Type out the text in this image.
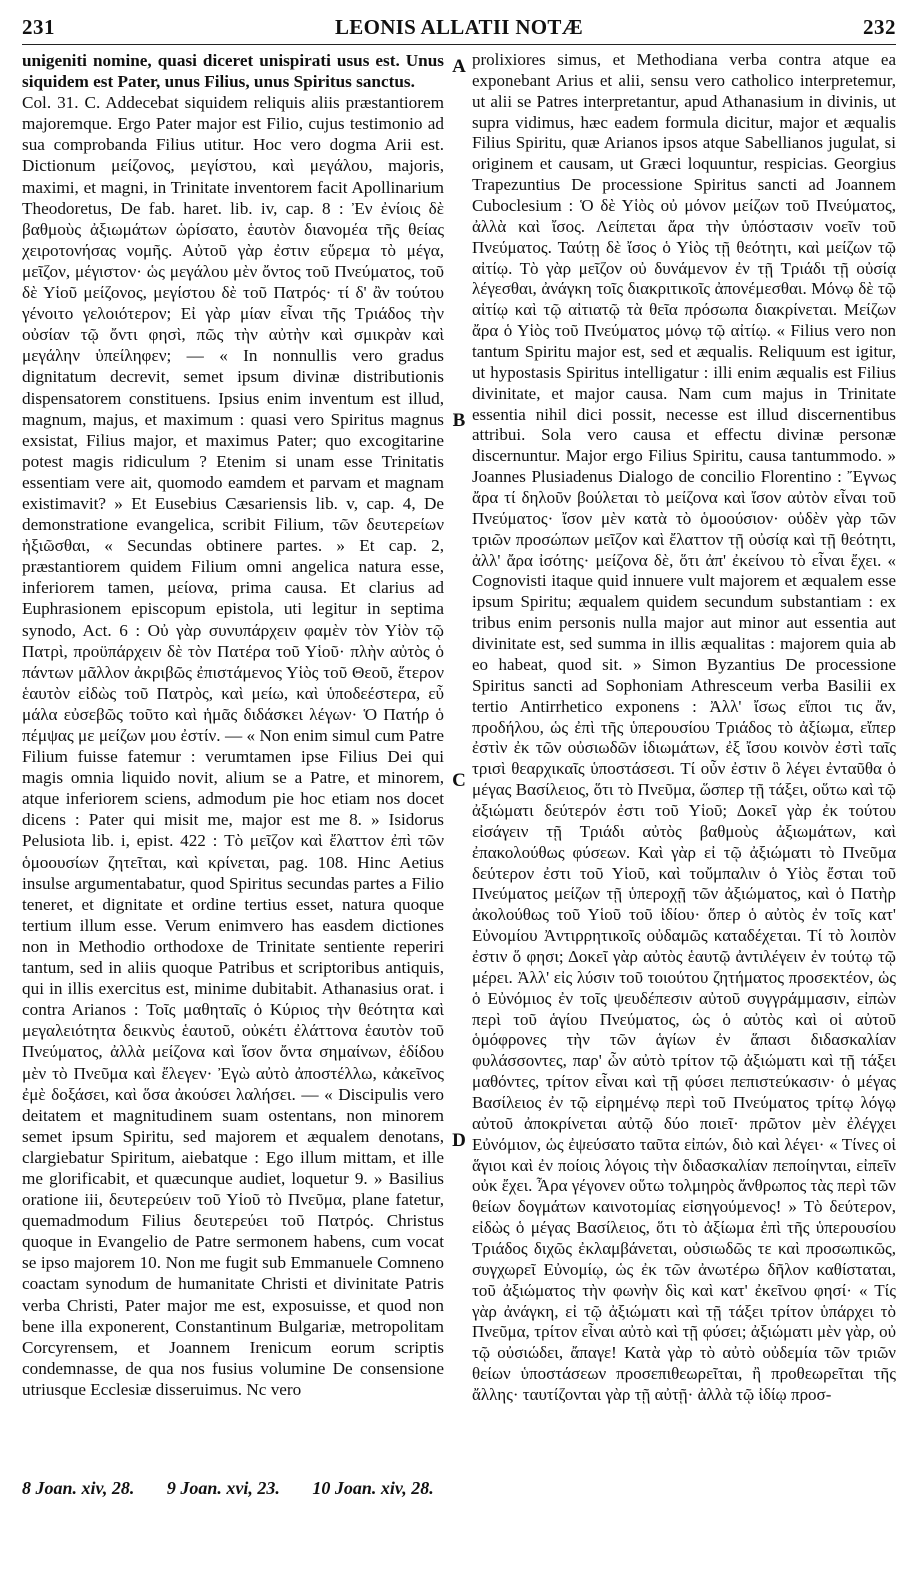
231	LEONIS ALLATII NOTÆ	232

unigeniti nomine, quasi diceret unispirati usus est. Unus siquidem est Pater, unus Filius, unus Spiritus sanctus.

Col. 31. C. Addecebat siquidem reliquis aliis præstantiorem majoremque. Ergo Pater major est Filio, cujus testimonio ad sua comprobanda Filius utitur. Hoc vero dogma Arii est. Dictionum μείζονος, μεγίστου, καὶ μεγάλου, majoris, maximi, et magni, in Trinitate inventorem facit Apollinarium Theodoretus, De fab. haret. lib. iv, cap. 8 : Ἐν ἐνίοις δὲ βαθμοὺς ἀξιωμάτων ὡρίσατο, ἑαυτὸν διανομέα τῆς θείας χειροτονήσας νομῆς. Αὐτοῦ γὰρ ἐστιν εὕρεμα τὸ μέγα, μεῖζον, μέγιστον· ὡς μεγάλου μὲν ὄντος τοῦ Πνεύματος, τοῦ δὲ Υἱοῦ μείζονος, μεγίστου δὲ τοῦ Πατρός· τί δ' ἂν τούτου γένοιτο γελοιότερον; Εἰ γὰρ μίαν εἶναι τῆς Τριάδος τὴν οὐσίαν τῷ ὄντι φησὶ, πῶς τὴν αὐτὴν καὶ σμικρὰν καὶ μεγάλην ὑπείληφεν; — « In nonnullis vero gradus dignitatum decrevit, semet ipsum divinæ distributionis dispensatorem constituens. Ipsius enim inventum est illud, magnum, majus, et maximum : quasi vero Spiritus magnus exsistat, Filius major, et maximus Pater; quo excogitarine potest magis ridiculum ? Etenim si unam esse Trinitatis essentiam vere ait, quomodo eamdem et parvam et magnam existimavit? » Et Eusebius Cæsariensis lib. v, cap. 4, De demonstratione evangelica, scribit Filium, τῶν δευτερείων ἠξιῶσθαι, « Secundas obtinere partes. » Et cap. 2, præstantiorem quidem Filium omni angelica natura esse, inferiorem tamen, μείονα, prima causa. Et clarius ad Euphrasionem episcopum epistola, uti legitur in septima synodo, Act. 6 : Οὐ γὰρ συνυπάρχειν φαμὲν τὸν Υἱὸν τῷ Πατρὶ, προϋπάρχειν δὲ τὸν Πατέρα τοῦ Υἱοῦ· πλὴν αὐτὸς ὁ πάντων μᾶλλον ἀκριβῶς ἐπιστάμενος Υἱὸς τοῦ Θεοῦ, ἕτερον ἑαυτὸν εἰδὼς τοῦ Πατρὸς, καὶ μείω, καὶ ὑποδεέστερα, εὖ μάλα εὐσεβῶς τοῦτο καὶ ἡμᾶς διδάσκει λέγων· Ὁ Πατήρ ὁ πέμψας με μείζων μου ἐστίν. — « Non enim simul cum Patre Filium fuisse fatemur : verumtamen ipse Filius Dei qui magis omnia liquido novit, alium se a Patre, et minorem, atque inferiorem sciens, admodum pie hoc etiam nos docet dicens : Pater qui misit me, major est me 8. » Isidorus Pelusiota lib. i, epist. 422 : Τὸ μεῖζον καὶ ἔλαττον ἐπὶ τῶν ὁμοουσίων ζητεῖται, καὶ κρίνεται, pag. 108. Hinc Aetius insulse argumentabatur, quod Spiritus secundas partes a Filio teneret, et dignitate et ordine tertius esset, natura quoque tertium illum esse. Verum enimvero has easdem dictiones non in Methodio orthodoxe de Trinitate sentiente reperiri tantum, sed in aliis quoque Patribus et scriptoribus antiquis, qui in illis exercitus est, minime dubitabit. Athanasius orat. i contra Arianos : Τοῖς μαθηταῖς ὁ Κύριος τὴν θεότητα καὶ μεγαλειότητα δεικνὺς ἑαυτοῦ, οὐκέτι ἐλάττονα ἑαυτὸν τοῦ Πνεύματος, ἀλλὰ μείζονα καὶ ἴσον ὄντα σημαίνων, ἐδίδου μὲν τὸ Πνεῦμα καὶ ἔλεγεν· Ἐγὼ αὐτὸ ἀποστέλλω, κἀκεῖνος ἐμὲ δοξάσει, καὶ ὅσα ἀκούσει λαλήσει. — « Discipulis vero deitatem et magnitudinem suam ostentans, non minorem semet ipsum Spiritu, sed majorem et æqualem denotans, clargiebatur Spiritum, aiebatque : Ego illum mittam, et ille me glorificabit, et quæcunque audiet, loquetur 9. » Basilius oratione iii, δευτερεύειν τοῦ Υἱοῦ τὸ Πνεῦμα, plane fatetur, quemadmodum Filius δευτερεύει τοῦ Πατρός. Christus quoque in Evangelio de Patre sermonem habens, cum vocat se ipso majorem 10. Non me fugit sub Emmanuele Comneno coactam synodum de humanitate Christi et divinitate Patris verba Christi, Pater major me est, exposuisse, et quod non bene illa exponerent, Constantinum Bulgariæ, metropolitam Corcyrensem, et Joannem Irenicum eorum scriptis condemnasse, de qua nos fusius volumine De consensione utriusque Ecclesiæ disseruimus. Nc vero

A
B
C
D

prolixiores simus, et Methodiana verba contra atque ea exponebant Arius et alii, sensu vero catholico interpretemur, ut alii se Patres interpretantur, apud Athanasium in divinis, ut supra vidimus, hæc eadem formula dicitur, major et æqualis Filius Spiritu, quæ Arianos ipsos atque Sabellianos jugulat, si originem et causam, ut Græci loquuntur, respicias. Georgius Trapezuntius De processione Spiritus sancti ad Joannem Cuboclesium : Ὁ δὲ Υἱὸς οὐ μόνον μείζων τοῦ Πνεύματος, ἀλλὰ καὶ ἴσος. Λείπεται ἄρα τὴν ὑπόστασιν νοεῖν τοῦ Πνεύματος. Ταύτῃ δὲ ἴσος ὁ Υἱὸς τῇ θεότητι, καὶ μείζων τῷ αἰτίῳ. Τὸ γὰρ μεῖζον οὐ δυνάμενον ἐν τῇ Τριάδι τῇ οὐσίᾳ λέγεσθαι, ἀνάγκη τοῖς διακριτικοῖς ἀπονέμεσθαι. Μόνῳ δὲ τῷ αἰτίῳ καὶ τῷ αἰτιατῷ τὰ θεῖα πρόσωπα διακρίνεται. Μείζων ἄρα ὁ Υἱὸς τοῦ Πνεύματος μόνῳ τῷ αἰτίῳ. « Filius vero non tantum Spiritu major est, sed et æqualis. Reliquum est igitur, ut hypostasis Spiritus intelligatur : illi enim æqualis est Filius divinitate, et major causa. Nam cum majus in Trinitate essentia nihil dici possit, necesse est illud discernentibus attribui. Sola vero causa et effectu divinæ personæ discernuntur. Major ergo Filius Spiritu, causa tantummodo. » Joannes Plusiadenus Dialogo de concilio Florentino : Ἔγνως ἄρα τί δηλοῦν βούλεται τὸ μείζονα καὶ ἴσον αὐτὸν εἶναι τοῦ Πνεύματος· ἴσον μὲν κατὰ τὸ ὁμοούσιον· οὐδὲν γὰρ τῶν τριῶν προσώπων μεῖζον καὶ ἔλαττον τῇ οὐσίᾳ καὶ τῇ θεότητι, ἀλλ' ἄρα ἰσότης· μείζονα δὲ, ὅτι ἀπ' ἐκείνου τὸ εἶναι ἔχει. « Cognovisti itaque quid innuere vult majorem et æqualem esse ipsum Spiritu; æqualem quidem secundum substantiam : ex tribus enim personis nulla major aut minor aut essentia aut divinitate est, sed summa in illis æqualitas : majorem quia ab eo habeat, quod sit. » Simon Byzantius De processione Spiritus sancti ad Sophoniam Athresceum verba Basilii ex tertio Antirrhetico exponens : Ἀλλ' ἴσως εἴποι τις ἄν, προδήλου, ὡς ἐπὶ τῆς ὑπερουσίου Τριάδος τὸ ἀξίωμα, εἴπερ ἐστὶν ἐκ τῶν οὐσιωδῶν ἰδιωμάτων, ἐξ ἴσου κοινὸν ἐστὶ ταῖς τρισὶ θεαρχικαῖς ὑποστάσεσι. Τί οὖν ἐστιν ὃ λέγει ἐνταῦθα ὁ μέγας Βασίλειος, ὅτι τὸ Πνεῦμα, ὥσπερ τῇ τάξει, οὕτω καὶ τῷ ἀξιώματι δεύτερόν ἐστι τοῦ Υἱοῦ; Δοκεῖ γὰρ ἐκ τούτου εἰσάγειν τῇ Τριάδι αὐτὸς βαθμοὺς ἀξιωμάτων, καὶ ἐπακολούθως φύσεων. Καὶ γὰρ εἰ τῷ ἀξιώματι τὸ Πνεῦμα δεύτερον ἐστι τοῦ Υἱοῦ, καὶ τοὔμπαλιν ὁ Υἱὸς ἔσται τοῦ Πνεύματος μείζων τῇ ὑπεροχῇ τῶν ἀξιώματος, καὶ ὁ Πατὴρ ἀκολούθως τοῦ Υἱοῦ τοῦ ἰδίου· ὅπερ ὁ αὐτὸς ἐν τοῖς κατ' Εὐνομίου Ἀντιρρητικοῖς οὐδαμῶς καταδέχεται. Τί τὸ λοιπὸν ἐστιν ὅ φησι; Δοκεῖ γὰρ αὐτὸς ἑαυτῷ ἀντιλέγειν ἐν τούτῳ τῷ μέρει. Ἀλλ' εἰς λύσιν τοῦ τοιούτου ζητήματος προσεκτέον, ὡς ὁ Εὐνόμιος ἐν τοῖς ψευδέπεσιν αὐτοῦ συγγράμμασιν, εἰπὼν περὶ τοῦ ἁγίου Πνεύματος, ὡς ὁ αὐτὸς καὶ οἱ αὐτοῦ ὁμόφρονες τὴν τῶν ἁγίων ἐν ἅπασι διδασκαλίαν φυλάσσοντες, παρ' ὧν αὐτὸ τρίτον τῷ ἀξιώματι καὶ τῇ τάξει μαθόντες, τρίτον εἶναι καὶ τῇ φύσει πεπιστεύκασιν· ὁ μέγας Βασίλειος ἐν τῷ εἰρημένῳ περὶ τοῦ Πνεύματος τρίτῳ λόγῳ αὐτοῦ ἀποκρίνεται αὐτῷ δύο ποιεῖ· πρῶτον μὲν ἐλέγχει Εὐνόμιον, ὡς ἐψεύσατο ταῦτα εἰπών, διὸ καὶ λέγει· « Τίνες οἱ ἅγιοι καὶ ἐν ποίοις λόγοις τὴν διδασκαλίαν πεποίηνται, εἰπεῖν οὐκ ἔχει. Ἆρα γέγονεν οὕτω τολμηρὸς ἄνθρωπος τὰς περὶ τῶν θείων δογμάτων καινοτομίας εἰσηγούμενος! » Τὸ δεύτερον, εἰδὼς ὁ μέγας Βασίλειος, ὅτι τὸ ἀξίωμα ἐπὶ τῆς ὑπερουσίου Τριάδος διχῶς ἐκλαμβάνεται, οὐσιωδῶς τε καὶ προσωπικῶς, συγχωρεῖ Εὐνομίῳ, ὡς ἐκ τῶν ἀνωτέρω δῆλον καθίσταται, τοῦ ἀξιώματος τὴν φωνὴν δὶς καὶ κατ' ἐκεῖνου φησί· « Τίς γὰρ ἀνάγκη, εἰ τῷ ἀξιώματι καὶ τῇ τάξει τρίτον ὑπάρχει τὸ Πνεῦμα, τρίτον εἶναι αὐτὸ καὶ τῇ φύσει; ἀξιώματι μὲν γὰρ, οὐ τῷ οὐσιώδει, ἄπαγε! Κατὰ γὰρ τὸ αὐτὸ οὐδεμία τῶν τριῶν θείων ὑποστάσεων προσεπιθεωρεῖται, ἢ προθεωρεῖται τῆς ἄλλης· ταυτίζονται γὰρ τῇ αὐτῇ· ἀλλὰ τῷ ἰδίῳ προσ-

8 Joan. xiv, 28. 9 Joan. xvi, 23. 10 Joan. xiv, 28.
